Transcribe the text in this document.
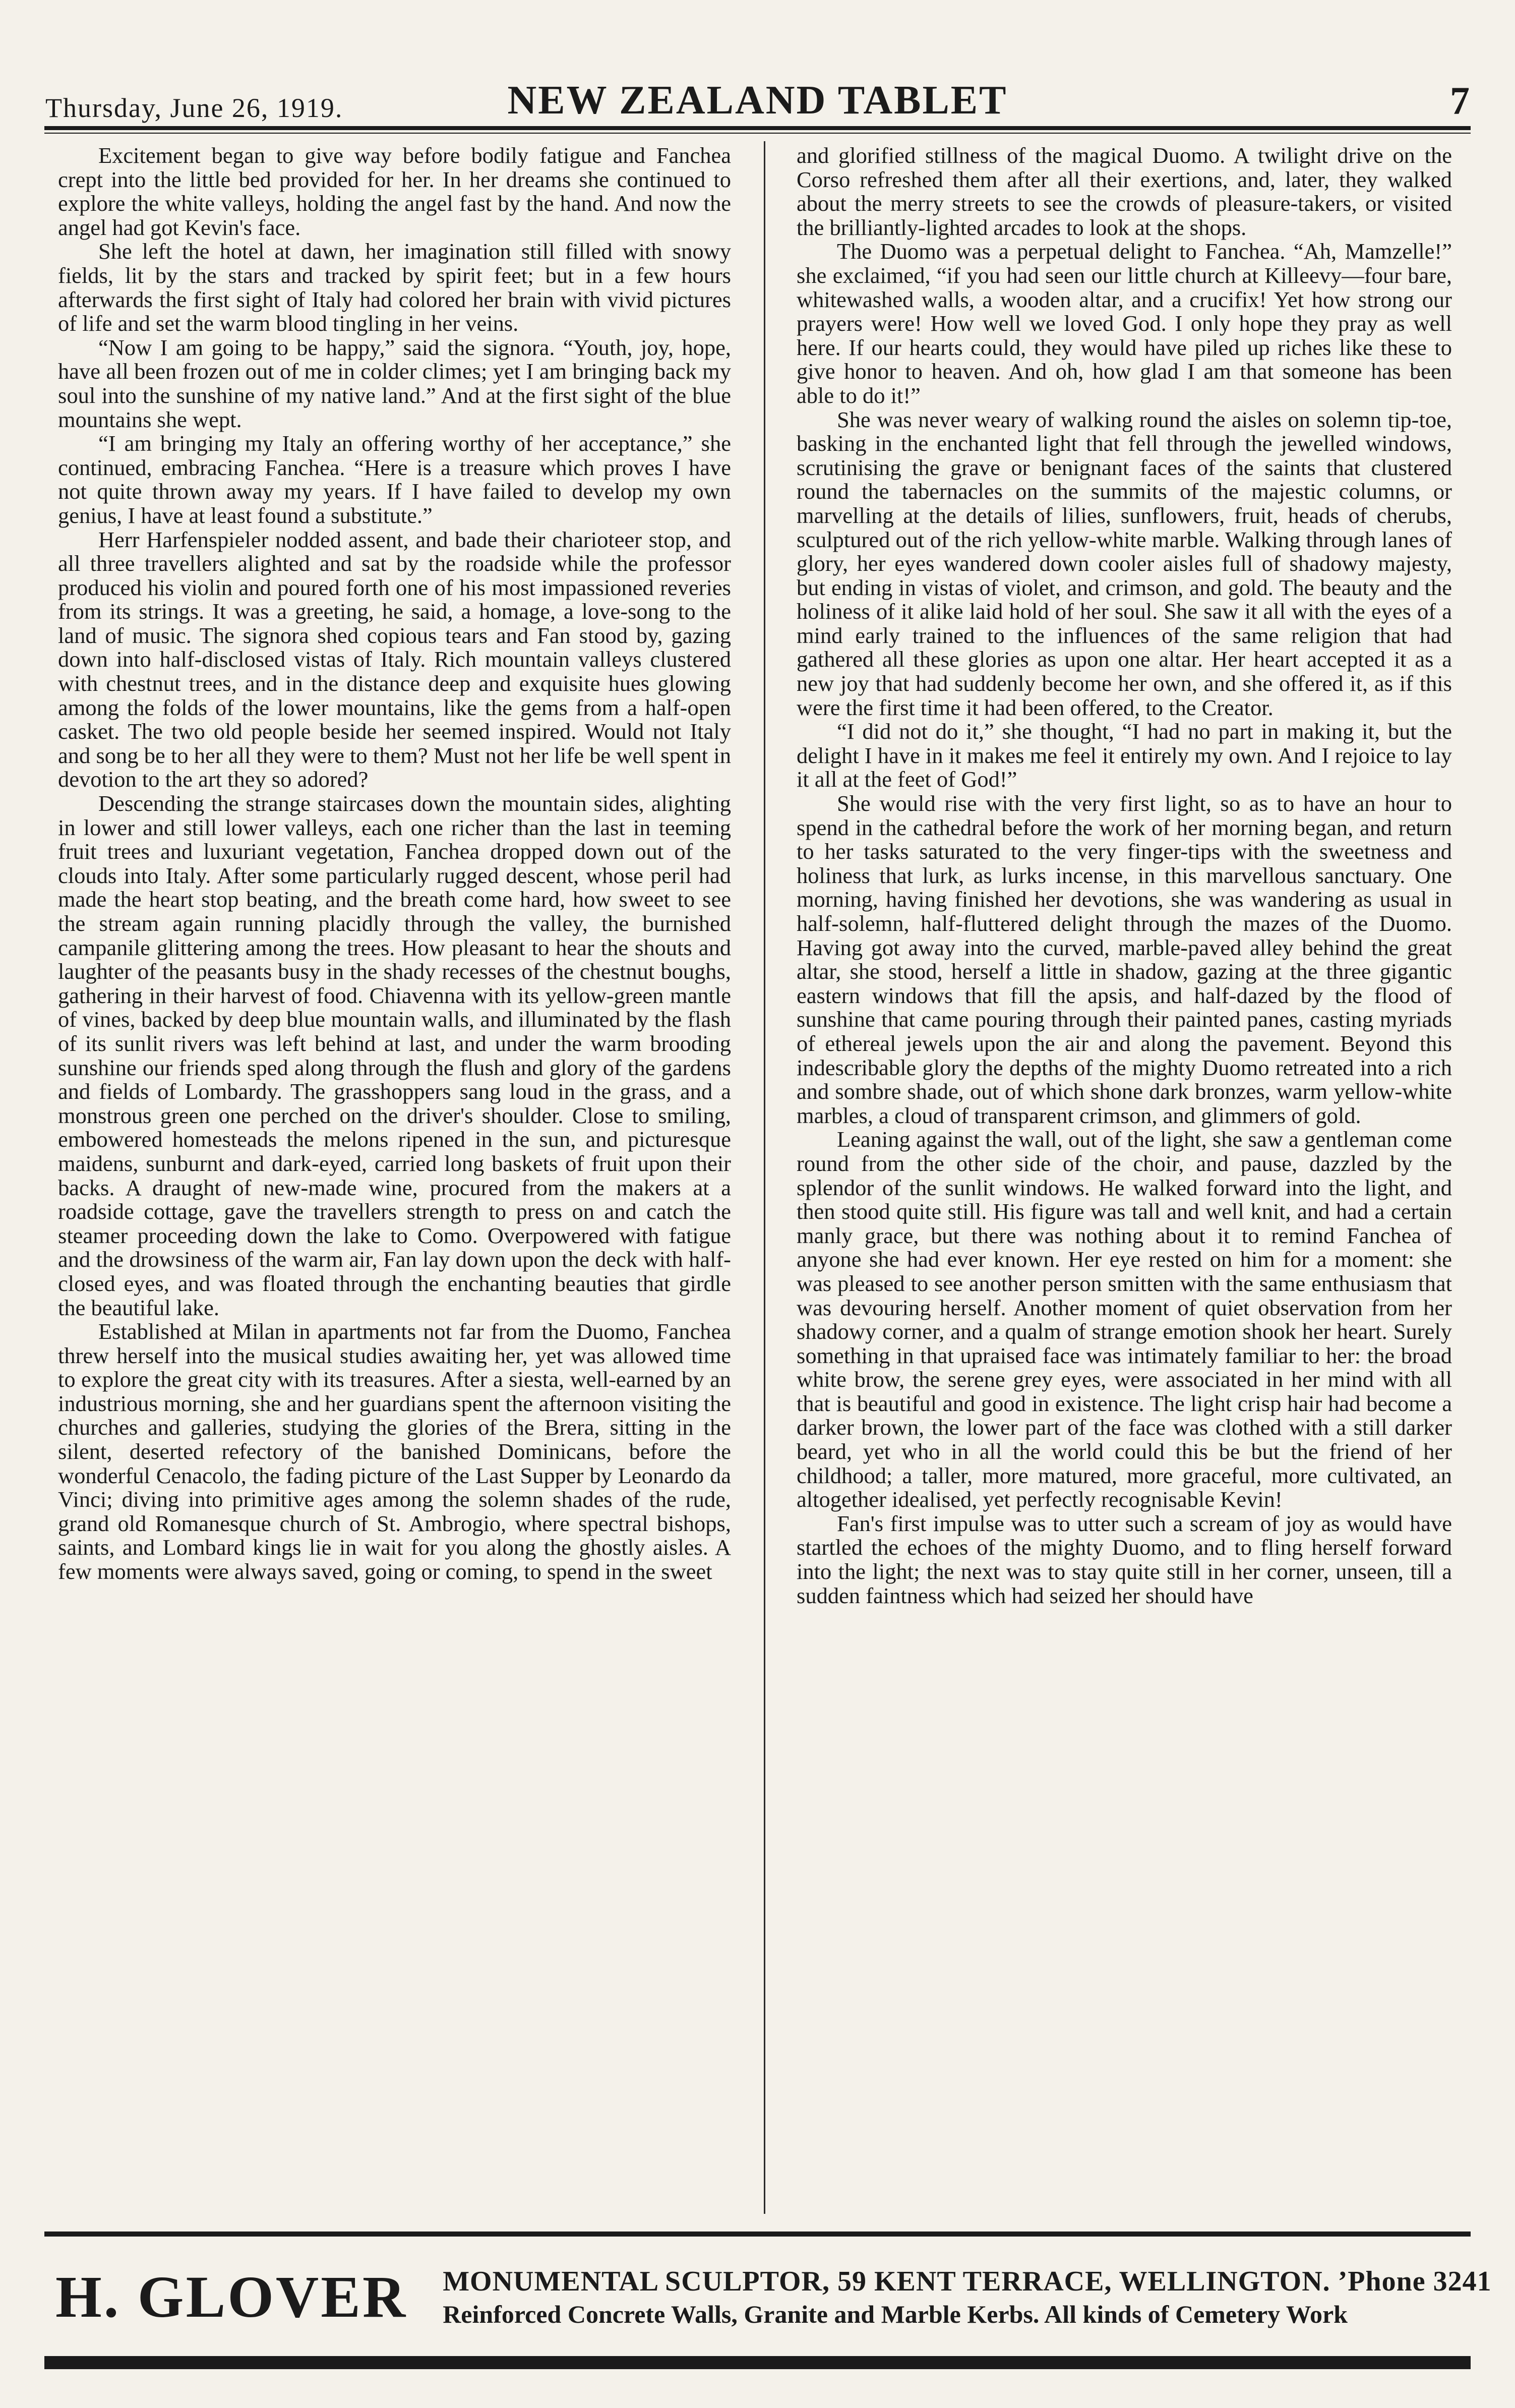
Thursday, June 26, 1919.	NEW ZEALAND TABLET	7

Excitement began to give way before bodily fatigue and Fanchea crept into the little bed provided for her. In her dreams she continued to explore the white valleys, holding the angel fast by the hand. And now the angel had got Kevin's face.

She left the hotel at dawn, her imagination still filled with snowy fields, lit by the stars and tracked by spirit feet; but in a few hours afterwards the first sight of Italy had colored her brain with vivid pictures of life and set the warm blood tingling in her veins.

“Now I am going to be happy,” said the signora. “Youth, joy, hope, have all been frozen out of me in colder climes; yet I am bringing back my soul into the sunshine of my native land.” And at the first sight of the blue mountains she wept.

“I am bringing my Italy an offering worthy of her acceptance,” she continued, embracing Fanchea. “Here is a treasure which proves I have not quite thrown away my years. If I have failed to develop my own genius, I have at least found a substitute.”

Herr Harfenspieler nodded assent, and bade their charioteer stop, and all three travellers alighted and sat by the roadside while the professor produced his violin and poured forth one of his most impassioned reveries from its strings. It was a greeting, he said, a homage, a love-song to the land of music. The signora shed copious tears and Fan stood by, gazing down into half-disclosed vistas of Italy. Rich mountain valleys clustered with chestnut trees, and in the distance deep and exquisite hues glowing among the folds of the lower mountains, like the gems from a half-open casket. The two old people beside her seemed inspired. Would not Italy and song be to her all they were to them? Must not her life be well spent in devotion to the art they so adored?

Descending the strange staircases down the mountain sides, alighting in lower and still lower valleys, each one richer than the last in teeming fruit trees and luxuriant vegetation, Fanchea dropped down out of the clouds into Italy. After some particularly rugged descent, whose peril had made the heart stop beating, and the breath come hard, how sweet to see the stream again running placidly through the valley, the burnished campanile glittering among the trees. How pleasant to hear the shouts and laughter of the peasants busy in the shady recesses of the chestnut boughs, gathering in their harvest of food. Chiavenna with its yellow-green mantle of vines, backed by deep blue mountain walls, and illuminated by the flash of its sunlit rivers was left behind at last, and under the warm brooding sunshine our friends sped along through the flush and glory of the gardens and fields of Lombardy. The grasshoppers sang loud in the grass, and a monstrous green one perched on the driver's shoulder. Close to smiling, embowered homesteads the melons ripened in the sun, and picturesque maidens, sunburnt and dark-eyed, carried long baskets of fruit upon their backs. A draught of new-made wine, procured from the makers at a roadside cottage, gave the travellers strength to press on and catch the steamer proceeding down the lake to Como. Overpowered with fatigue and the drowsiness of the warm air, Fan lay down upon the deck with half-closed eyes, and was floated through the enchanting beauties that girdle the beautiful lake.

Established at Milan in apartments not far from the Duomo, Fanchea threw herself into the musical studies awaiting her, yet was allowed time to explore the great city with its treasures. After a siesta, well-earned by an industrious morning, she and her guardians spent the afternoon visiting the churches and galleries, studying the glories of the Brera, sitting in the silent, deserted refectory of the banished Dominicans, before the wonderful Cenacolo, the fading picture of the Last Supper by Leonardo da Vinci; diving into primitive ages among the solemn shades of the rude, grand old Romanesque church of St. Ambrogio, where spectral bishops, saints, and Lombard kings lie in wait for you along the ghostly aisles. A few moments were always saved, going or coming, to spend in the sweet

and glorified stillness of the magical Duomo. A twilight drive on the Corso refreshed them after all their exertions, and, later, they walked about the merry streets to see the crowds of pleasure-takers, or visited the brilliantly-lighted arcades to look at the shops.

The Duomo was a perpetual delight to Fanchea. “Ah, Mamzelle!” she exclaimed, “if you had seen our little church at Killeevy—four bare, whitewashed walls, a wooden altar, and a crucifix! Yet how strong our prayers were! How well we loved God. I only hope they pray as well here. If our hearts could, they would have piled up riches like these to give honor to heaven. And oh, how glad I am that someone has been able to do it!”

She was never weary of walking round the aisles on solemn tip-toe, basking in the enchanted light that fell through the jewelled windows, scrutinising the grave or benignant faces of the saints that clustered round the tabernacles on the summits of the majestic columns, or marvelling at the details of lilies, sunflowers, fruit, heads of cherubs, sculptured out of the rich yellow-white marble. Walking through lanes of glory, her eyes wandered down cooler aisles full of shadowy majesty, but ending in vistas of violet, and crimson, and gold. The beauty and the holiness of it alike laid hold of her soul. She saw it all with the eyes of a mind early trained to the influences of the same religion that had gathered all these glories as upon one altar. Her heart accepted it as a new joy that had suddenly become her own, and she offered it, as if this were the first time it had been offered, to the Creator.

“I did not do it,” she thought, “I had no part in making it, but the delight I have in it makes me feel it entirely my own. And I rejoice to lay it all at the feet of God!”

She would rise with the very first light, so as to have an hour to spend in the cathedral before the work of her morning began, and return to her tasks saturated to the very finger-tips with the sweetness and holiness that lurk, as lurks incense, in this marvellous sanctuary. One morning, having finished her devotions, she was wandering as usual in half-solemn, half-fluttered delight through the mazes of the Duomo. Having got away into the curved, marble-paved alley behind the great altar, she stood, herself a little in shadow, gazing at the three gigantic eastern windows that fill the apsis, and half-dazed by the flood of sunshine that came pouring through their painted panes, casting myriads of ethereal jewels upon the air and along the pavement. Beyond this indescribable glory the depths of the mighty Duomo retreated into a rich and sombre shade, out of which shone dark bronzes, warm yellow-white marbles, a cloud of transparent crimson, and glimmers of gold.

Leaning against the wall, out of the light, she saw a gentleman come round from the other side of the choir, and pause, dazzled by the splendor of the sunlit windows. He walked forward into the light, and then stood quite still. His figure was tall and well knit, and had a certain manly grace, but there was nothing about it to remind Fanchea of anyone she had ever known. Her eye rested on him for a moment: she was pleased to see another person smitten with the same enthusiasm that was devouring herself. Another moment of quiet observation from her shadowy corner, and a qualm of strange emotion shook her heart. Surely something in that upraised face was intimately familiar to her: the broad white brow, the serene grey eyes, were associated in her mind with all that is beautiful and good in existence. The light crisp hair had become a darker brown, the lower part of the face was clothed with a still darker beard, yet who in all the world could this be but the friend of her childhood; a taller, more matured, more graceful, more cultivated, an altogether idealised, yet perfectly recognisable Kevin!

Fan's first impulse was to utter such a scream of joy as would have startled the echoes of the mighty Duomo, and to fling herself forward into the light; the next was to stay quite still in her corner, unseen, till a sudden faintness which had seized her should have

H. GLOVER MONUMENTAL SCULPTOR, 59 KENT TERRACE, WELLINGTON. ’Phone 3241
Reinforced Concrete Walls, Granite and Marble Kerbs. All kinds of Cemetery Work
